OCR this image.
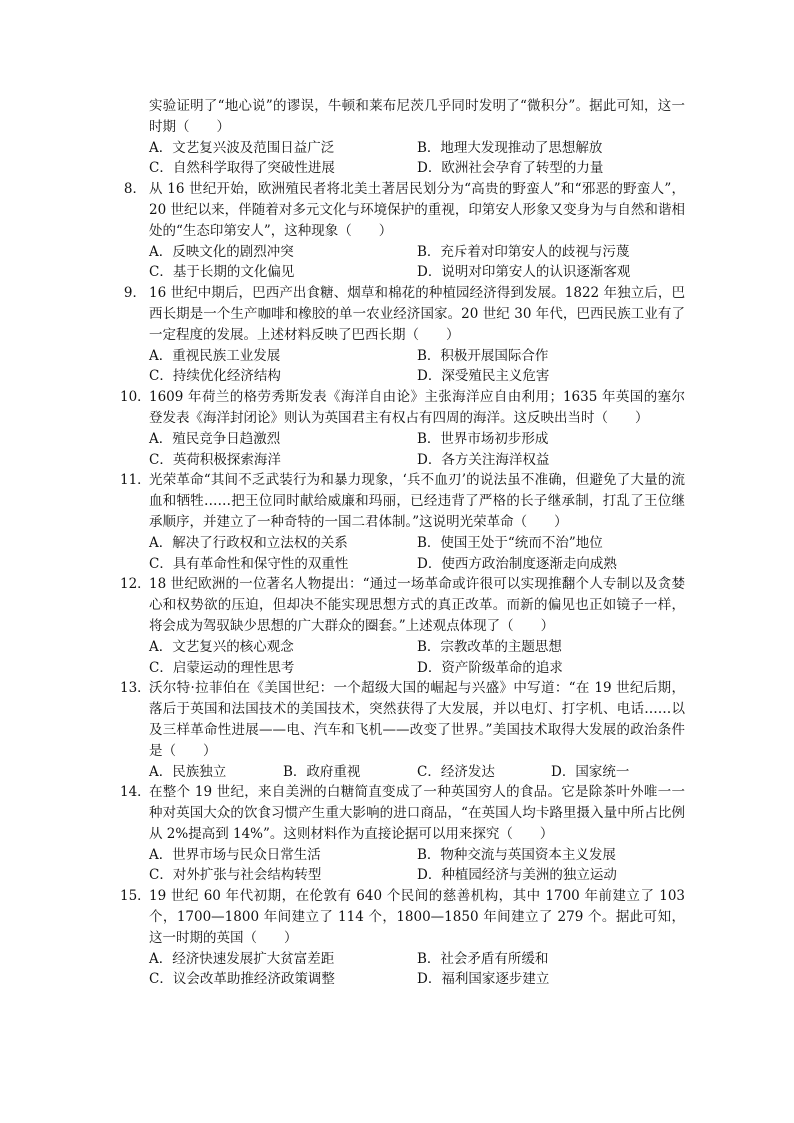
实验证明了“地心说”的谬误，牛顿和莱布尼茨几乎同时发明了“微积分”。据此可知，这一时期（　　）
A．文艺复兴波及范围日益广泛	B．地理大发现推动了思想解放
C．自然科学取得了突破性进展	D．欧洲社会孕育了转型的力量
8． 从 16 世纪开始，欧洲殖民者将北美土著居民划分为“高贵的野蛮人”和“邪恶的野蛮人”，20 世纪以来，伴随着对多元文化与环境保护的重视，印第安人形象又变身为与自然和谐相处的“生态印第安人”，这种现象（　　）
A．反映文化的剧烈冲突	B．充斥着对印第安人的歧视与污蔑
C．基于长期的文化偏见	D．说明对印第安人的认识逐渐客观
9． 16 世纪中期后，巴西产出食糖、烟草和棉花的种植园经济得到发展。1822 年独立后，巴西长期是一个生产咖啡和橡胶的单一农业经济国家。20 世纪 30 年代，巴西民族工业有了一定程度的发展。上述材料反映了巴西长期（　　）
A．重视民族工业发展	B．积极开展国际合作
C．持续优化经济结构	D．深受殖民主义危害
10．
1609 年荷兰的格劳秀斯发表《海洋自由论》主张海洋应自由利用；1635 年英国的塞尔登发表《海洋封闭论》则认为英国君主有权占有四周的海洋。这反映出当时（　　）
A．殖民竞争日趋激烈	B．世界市场初步形成
C．英荷积极探索海洋	D．各方关注海洋权益
11．
光荣革命“其间不乏武装行为和暴力现象，‘兵不血刃’的说法虽不准确，但避免了大量的流血和牺牲……把王位同时献给威廉和玛丽，已经违背了严格的长子继承制，打乱了王位继承顺序，并建立了一种奇特的一国二君体制。”这说明光荣革命（　　）
A．解决了行政权和立法权的关系	B．使国王处于“统而不治”地位
C．具有革命性和保守性的双重性	D．使西方政治制度逐渐走向成熟
12．
18 世纪欧洲的一位著名人物提出：“通过一场革命或许很可以实现推翻个人专制以及贪婪心和权势欲的压迫，但却决不能实现思想方式的真正改革。而新的偏见也正如镜子一样，将会成为驾驭缺少思想的广大群众的圈套。”上述观点体现了（　　）
A．文艺复兴的核心观念	B．宗教改革的主题思想
C．启蒙运动的理性思考	D．资产阶级革命的追求
13．
沃尔特·拉菲伯在《美国世纪：一个超级大国的崛起与兴盛》中写道：“在 19 世纪后期，落后于英国和法国技术的美国技术，突然获得了大发展，并以电灯、打字机、电话……以及三样革命性进展——电、汽车和飞机——改变了世界。”美国技术取得大发展的政治条件是（　　）
A．民族独立	B．政府重视	C．经济发达	D．国家统一
14．
在整个 19 世纪，来自美洲的白糖简直变成了一种英国穷人的食品。它是除茶叶外唯一一种对英国大众的饮食习惯产生重大影响的进口商品，“在英国人均卡路里摄入量中所占比例从 2%提高到 14%”。这则材料作为直接论据可以用来探究（　　）
A．世界市场与民众日常生活	B．物种交流与英国资本主义发展
C．对外扩张与社会结构转型	D．种植园经济与美洲的独立运动
15．
19 世纪 60 年代初期，在伦敦有 640 个民间的慈善机构，其中 1700 年前建立了 103 个，1700—1800 年间建立了 114 个，1800—1850 年间建立了 279 个。据此可知，这一时期的英国（　　）
A．经济快速发展扩大贫富差距	B．社会矛盾有所缓和
C．议会改革助推经济政策调整	D．福利国家逐步建立
